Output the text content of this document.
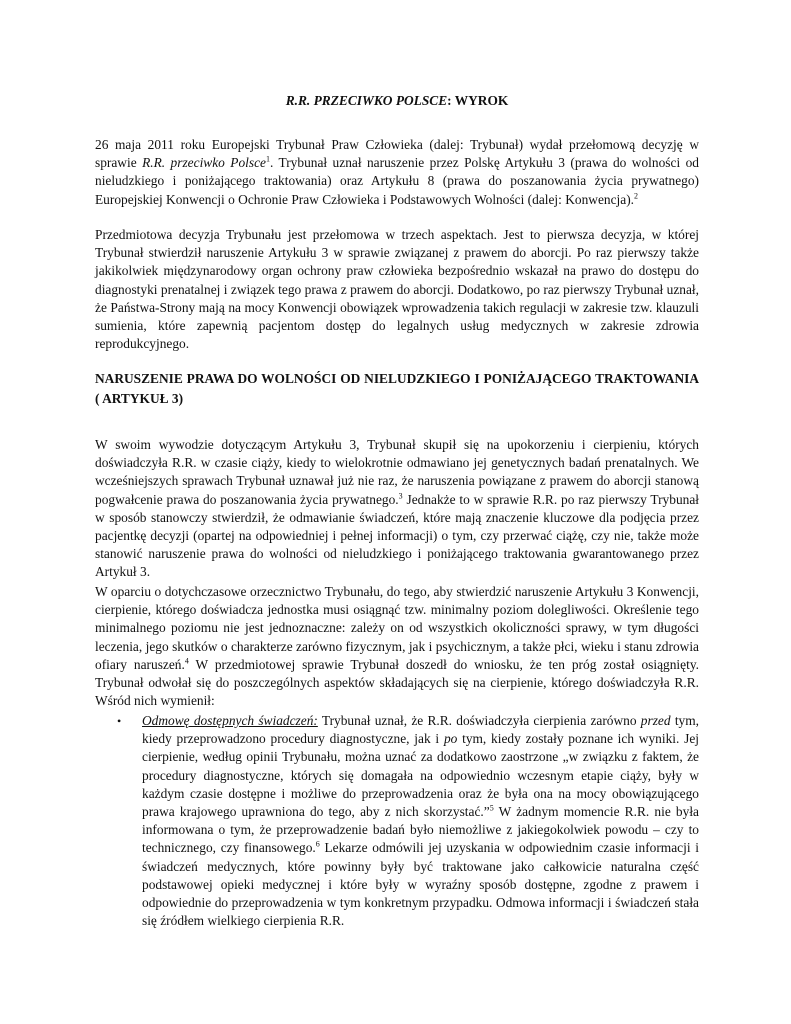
R.R. PRZECIWKO POLSCE: WYROK

26 maja 2011 roku Europejski Trybunał Praw Człowieka (dalej: Trybunał) wydał przełomową decyzję w sprawie R.R. przeciwko Polsce$^1$. Trybunał uznał naruszenie przez Polskę Artykułu 3 (prawa do wolności od nieludzkiego i poniżającego traktowania) oraz Artykułu 8 (prawa do poszanowania życia prywatnego) Europejskiej Konwencji o Ochronie Praw Człowieka i Podstawowych Wolności (dalej: Konwencja).$^2$

Przedmiotowa decyzja Trybunału jest przełomowa w trzech aspektach. Jest to pierwsza decyzja, w której Trybunał stwierdził naruszenie Artykułu 3 w sprawie związanej z prawem do aborcji. Po raz pierwszy także jakikolwiek międzynarodowy organ ochrony praw człowieka bezpośrednio wskazał na prawo do dostępu do diagnostyki prenatalnej i związek tego prawa z prawem do aborcji. Dodatkowo, po raz pierwszy Trybunał uznał, że Państwa-Strony mają na mocy Konwencji obowiązek wprowadzenia takich regulacji w zakresie tzw. klauzuli sumienia, które zapewnią pacjentom dostęp do legalnych usług medycznych w zakresie zdrowia reprodukcyjnego.

NARUSZENIE PRAWA DO WOLNOŚCI OD NIELUDZKIEGO I PONIŻAJĄCEGO TRAKTOWANIA ( ARTYKUŁ 3)

W swoim wywodzie dotyczącym Artykułu 3, Trybunał skupił się na upokorzeniu i cierpieniu, których doświadczyła R.R. w czasie ciąży, kiedy to wielokrotnie odmawiano jej genetycznych badań prenatalnych. We wcześniejszych sprawach Trybunał uznawał już nie raz, że naruszenia powiązane z prawem do aborcji stanową pogwałcenie prawa do poszanowania życia prywatnego.$^3$ Jednakże to w sprawie R.R. po raz pierwszy Trybunał w sposób stanowczy stwierdził, że odmawianie świadczeń, które mają znaczenie kluczowe dla podjęcia przez pacjentkę decyzji (opartej na odpowiedniej i pełnej informacji) o tym, czy przerwać ciążę, czy nie, także może stanowić naruszenie prawa do wolności od nieludzkiego i poniżającego traktowania gwarantowanego przez Artykuł 3.

W oparciu o dotychczasowe orzecznictwo Trybunału, do tego, aby stwierdzić naruszenie Artykułu 3 Konwencji, cierpienie, którego doświadcza jednostka musi osiągnąć tzw. minimalny poziom dolegliwości. Określenie tego minimalnego poziomu nie jest jednoznaczne: zależy on od wszystkich okoliczności sprawy, w tym długości leczenia, jego skutków o charakterze zarówno fizycznym, jak i psychicznym, a także płci, wieku i stanu zdrowia ofiary naruszeń.$^4$ W przedmiotowej sprawie Trybunał doszedł do wniosku, że ten próg został osiągnięty. Trybunał odwołał się do poszczególnych aspektów składających się na cierpienie, którego doświadczyła R.R. Wśród nich wymienił:

• Odmowę dostępnych świadczeń: Trybunał uznał, że R.R. doświadczyła cierpienia zarówno przed tym, kiedy przeprowadzono procedury diagnostyczne, jak i po tym, kiedy zostały poznane ich wyniki. Jej cierpienie, według opinii Trybunału, można uznać za dodatkowo zaostrzone „w związku z faktem, że procedury diagnostyczne, których się domagała na odpowiednio wczesnym etapie ciąży, były w każdym czasie dostępne i możliwe do przeprowadzenia oraz że była ona na mocy obowiązującego prawa krajowego uprawniona do tego, aby z nich skorzystać.”$^5$ W żadnym momencie R.R. nie była informowana o tym, że przeprowadzenie badań było niemożliwe z jakiegokolwiek powodu – czy to technicznego, czy finansowego.$^6$ Lekarze odmówili jej uzyskania w odpowiednim czasie informacji i świadczeń medycznych, które powinny były być traktowane jako całkowicie naturalna część podstawowej opieki medycznej i które były w wyraźny sposób dostępne, zgodne z prawem i odpowiednie do przeprowadzenia w tym konkretnym przypadku. Odmowa informacji i świadczeń stała się źródłem wielkiego cierpienia R.R.
